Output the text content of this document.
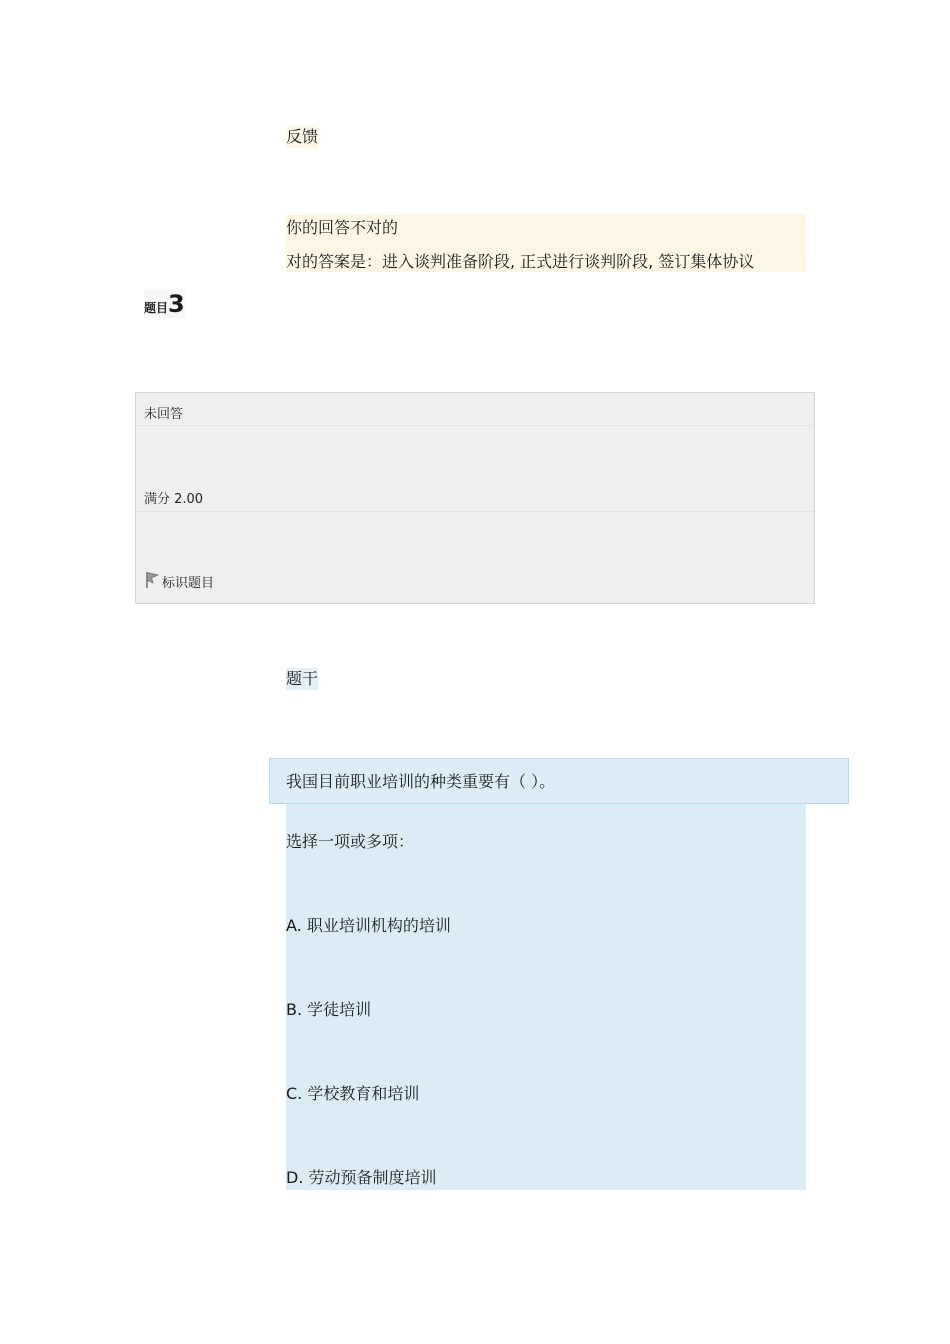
反馈
你的回答不对的
对的答案是：进入谈判准备阶段, 正式进行谈判阶段, 签订集体协议
题目3
未回答
满分 2.00
标识题目
题干
我国目前职业培训的种类重要有（ ）。
选择一项或多项：
A. 职业培训机构的培训
B. 学徒培训
C. 学校教育和培训
D. 劳动预备制度培训
